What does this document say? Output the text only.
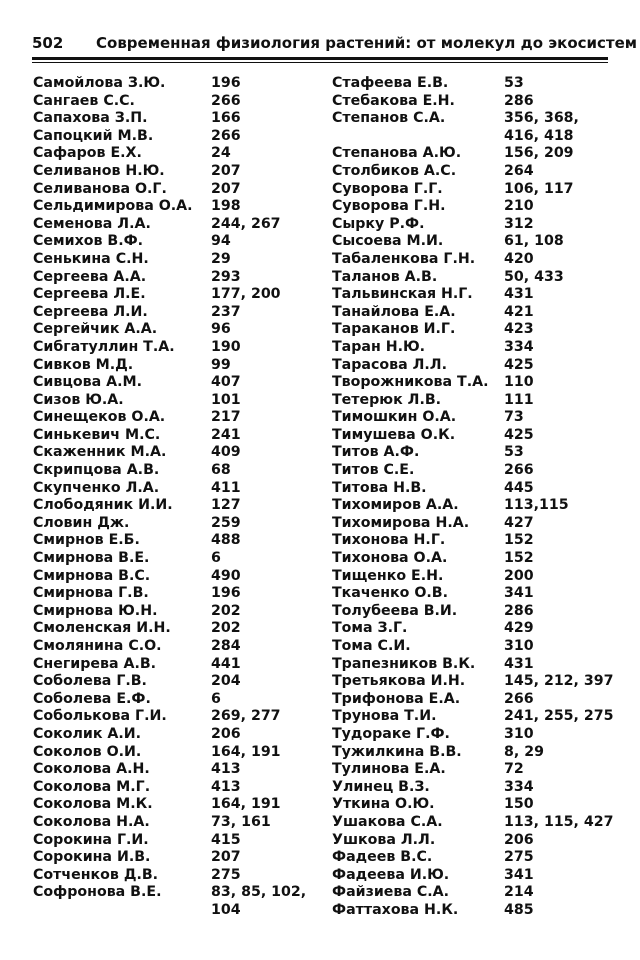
502 Современная физиология растений: от молекул до экосистем
Самойлова З.Ю.	196
Сангаев С.С.	266
Сапахова З.П.	166
Сапоцкий М.В.	266
Сафаров Е.Х.	24
Селиванов Н.Ю.	207
Селиванова О.Г.	207
Сельдимирова О.А. 198
Семенова Л.А.	244, 267
Семихов В.Ф.	94
Сенькина С.Н.	29
Сергеева А.А.	293
Сергеева Л.Е.	177, 200
Сергеева Л.И.	237
Сергейчик А.А.	96
Сибгатуллин Т.А.	190
Сивков М.Д.	99
Сивцова А.М.	407
Сизов Ю.А.	101
Синещеков О.А.	217
Синькевич М.С.	241
Скаженник М.А.	409
Скрипцова А.В.	68
Скупченко Л.А.	411
Слободяник И.И.	127
Словин Дж.	259
Смирнов Е.Б.	488
Смирнова В.Е.	6
Смирнова В.С.	490
Смирнова Г.В.	196
Смирнова Ю.Н.	202
Смоленская И.Н.	202
Смолянина С.О.	284
Снегирева А.В.	441
Соболева Г.В.	204
Соболева Е.Ф.	6
Соболькова Г.И.	269, 277
Соколик А.И.	206
Соколов О.И.	164, 191
Соколова А.Н.	413
Соколова М.Г.	413
Соколова М.К.	164, 191
Соколова Н.А.	73, 161
Сорокина Г.И.	415
Сорокина И.В.	207
Сотченков Д.В.	275
Софронова В.Е.	83, 85, 102,
104
Стафеева Е.В.	53
Стебакова Е.Н.	286
Степанов С.А.	356, 368,
416, 418
Степанова А.Ю.	156, 209
Столбиков А.С.	264
Суворова Г.Г.	106, 117
Суворова Г.Н.	210
Сырку Р.Ф.	312
Сысоева М.И.	61, 108
Табаленкова Г.Н. 420
Таланов А.В.	50, 433
Тальвинская Н.Г. 431
Танайлова Е.А.	421
Тараканов И.Г.	423
Таран Н.Ю.	334
Тарасова Л.Л.	425
Творожникова Т.А. 110
Тетерюк Л.В.	111
Тимошкин О.А.	73
Тимушева О.К.	425
Титов А.Ф.	53
Титов С.Е.	266
Титова Н.В.	445
Тихомиров А.А.	113,115
Тихомирова Н.А. 427
Тихонова Н.Г.	152
Тихонова О.А.	152
Тищенко Е.Н.	200
Ткаченко О.В.	341
Толубеева В.И.	286
Тома З.Г.	429
Тома С.И.	310
Трапезников В.К. 431
Третьякова И.Н.	145, 212, 397
Трифонова Е.А.	266
Трунова Т.И.	241, 255, 275
Тудораке Г.Ф.	310
Тужилкина В.В.	8, 29
Тулинова Е.А.	72
Улинец В.З.	334
Уткина О.Ю.	150
Ушакова С.А.	113, 115, 427
Ушкова Л.Л.	206
Фадеев В.С.	275
Фадеева И.Ю.	341
Файзиева С.А.	214
Фаттахова Н.К.	485
